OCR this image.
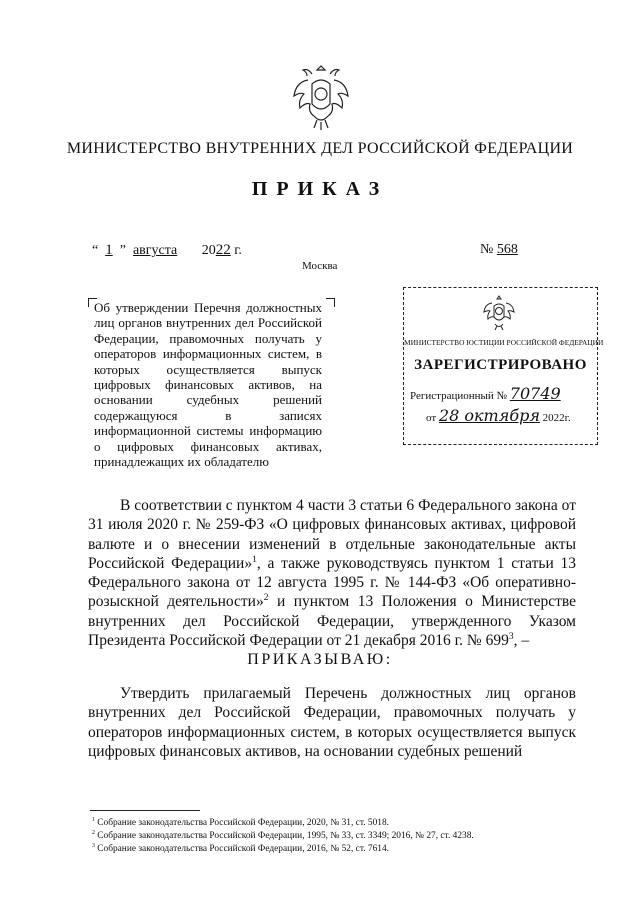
МИНИСТЕРСТВО ВНУТРЕННИХ ДЕЛ РОССИЙСКОЙ ФЕДЕРАЦИИ
ПРИКАЗ
“ 1 ” августа 2022 г.	№ 568
Москва
Об утверждении Перечня должностных лиц органов внутренних дел Российской Федерации, правомочных получать у операторов информационных систем, в которых осуществляется выпуск цифровых финансовых активов, на основании судебных решений содержащуюся в записях информационной системы информацию о цифровых финансовых активах, принадлежащих их обладателю
МИНИСТЕРСТВО ЮСТИЦИИ РОССИЙСКОЙ ФЕДЕРАЦИИ
ЗАРЕГИСТРИРОВАНО
Регистрационный № 70749
от 28 октября 2022г.
В соответствии с пунктом 4 части 3 статьи 6 Федерального закона от 31 июля 2020 г. № 259-ФЗ «О цифровых финансовых активах, цифровой валюте и о внесении изменений в отдельные законодательные акты Российской Федерации»$^1$, а также руководствуясь пунктом 1 статьи 13 Федерального закона от 12 августа 1995 г. № 144-ФЗ «Об оперативно-розыскной деятельности»$^2$ и пунктом 13 Положения о Министерстве внутренних дел Российской Федерации, утвержденного Указом Президента Российской Федерации от 21 декабря 2016 г. № $699^3$, –
ПРИКАЗЫВАЮ:
Утвердить прилагаемый Перечень должностных лиц органов внутренних дел Российской Федерации, правомочных получать у операторов информационных систем, в которых осуществляется выпуск цифровых финансовых активов, на основании судебных решений
$^1$ Собрание законодательства Российской Федерации, 2020, № 31, ст. 5018.
$^2$ Собрание законодательства Российской Федерации, 1995, № 33, ст. 3349; 2016, № 27, ст. 4238.
$^3$ Собрание законодательства Российской Федерации, 2016, № 52, ст. 7614.
